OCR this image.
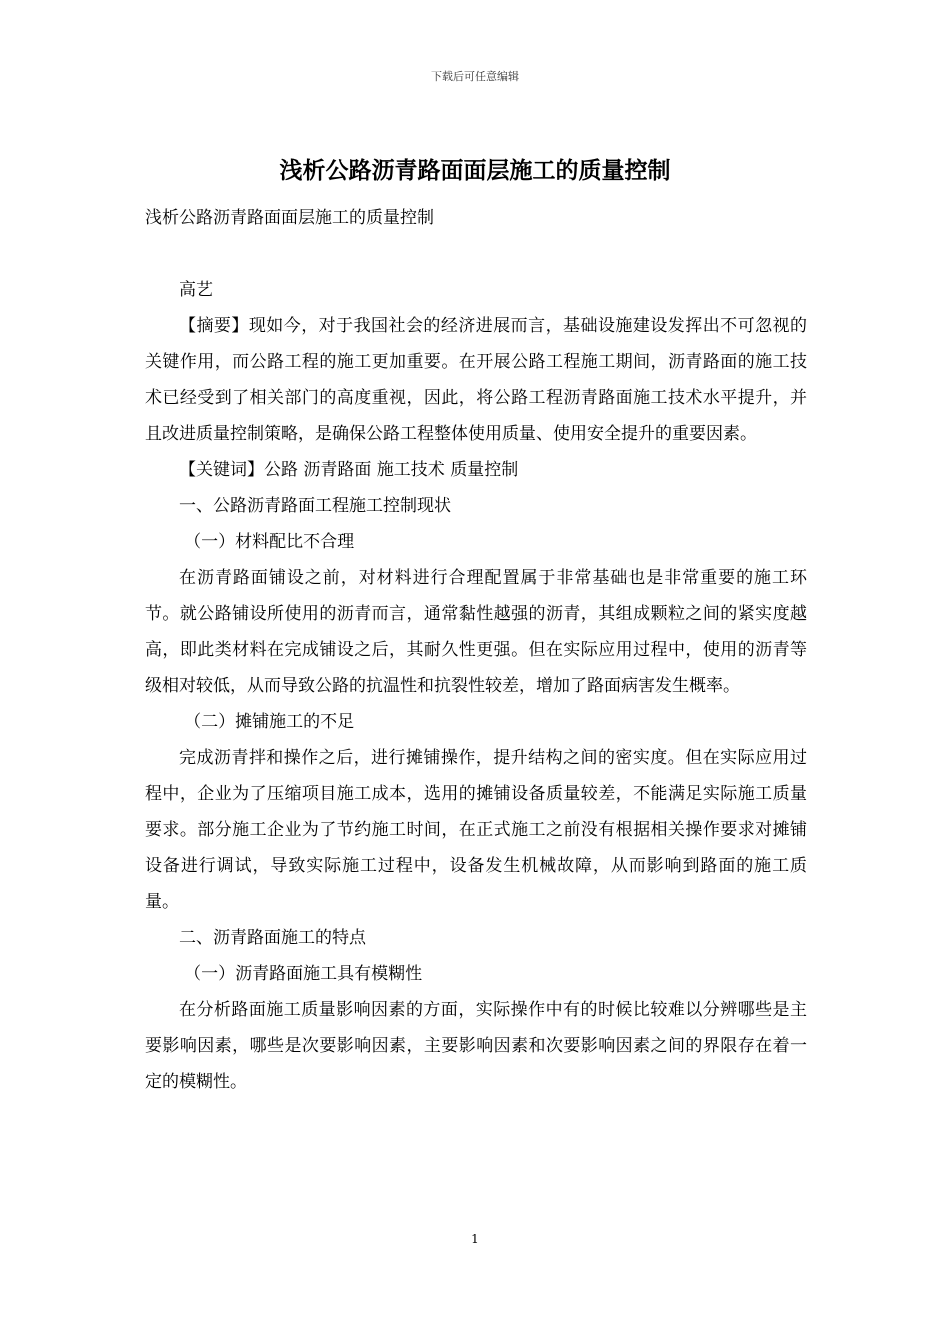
下载后可任意编辑
浅析公路沥青路面面层施工的质量控制

浅析公路沥青路面面层施工的质量控制

高艺

【摘要】现如今，对于我国社会的经济进展而言，基础设施建设发挥出不可忽视的关键作用，而公路工程的施工更加重要。在开展公路工程施工期间，沥青路面的施工技术已经受到了相关部门的高度重视，因此，将公路工程沥青路面施工技术水平提升，并且改进质量控制策略，是确保公路工程整体使用质量、使用安全提升的重要因素。

【关键词】公路 沥青路面 施工技术 质量控制

一、公路沥青路面工程施工控制现状

（一）材料配比不合理

在沥青路面铺设之前，对材料进行合理配置属于非常基础也是非常重要的施工环节。就公路铺设所使用的沥青而言，通常黏性越强的沥青，其组成颗粒之间的紧实度越高，即此类材料在完成铺设之后，其耐久性更强。但在实际应用过程中，使用的沥青等级相对较低，从而导致公路的抗温性和抗裂性较差，增加了路面病害发生概率。

（二）摊铺施工的不足

完成沥青拌和操作之后，进行摊铺操作，提升结构之间的密实度。但在实际应用过程中，企业为了压缩项目施工成本，选用的摊铺设备质量较差，不能满足实际施工质量要求。部分施工企业为了节约施工时间，在正式施工之前没有根据相关操作要求对摊铺设备进行调试，导致实际施工过程中，设备发生机械故障，从而影响到路面的施工质量。

二、沥青路面施工的特点

（一）沥青路面施工具有模糊性

在分析路面施工质量影响因素的方面，实际操作中有的时候比较难以分辨哪些是主要影响因素，哪些是次要影响因素，主要影响因素和次要影响因素之间的界限存在着一定的模糊性。

1
